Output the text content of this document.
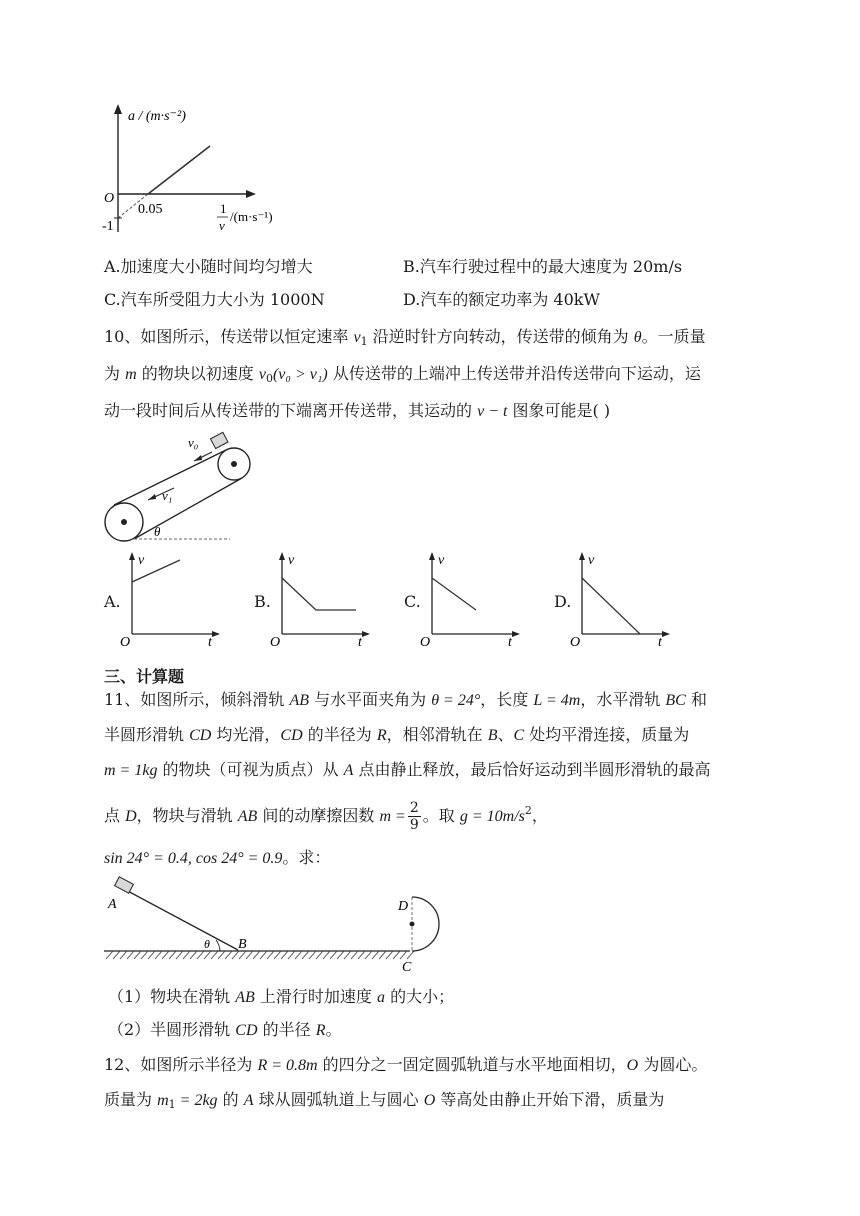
a / (m·s⁻²)
O
0.05
-1
1
v
/(m·s⁻¹)
A.加速度大小随时间均匀增大	B.汽车行驶过程中的最大速度为 20m/s
C.汽车所受阻力大小为 1000N	D.汽车的额定功率为 40kW
10、如图所示，传送带以恒定速率 $v_1$ 沿逆时针方向转动，传送带的倾角为 θ。一质量
为 m 的物块以初速度 $v_0(v_0 > v_1)$ 从传送带的上端冲上传送带并沿传送带向下运动，运
动一段时间后从传送带的下端离开传送带，其运动的 v − t 图象可能是( )
v₀
v₁
θ
A.
v
t
O
B.
v
t
O
C.
v
t
O
D.
v
t
O
三、计算题
11、如图所示，倾斜滑轨 AB 与水平面夹角为 θ = 24°，长度 L = 4m，水平滑轨 BC 和
半圆形滑轨 CD 均光滑，CD 的半径为 R，相邻滑轨在 B、C 处均平滑连接，质量为
m = 1kg 的物块（可视为质点）从 A 点由静止释放，最后恰好运动到半圆形滑轨的最高
点 D，物块与滑轨 AB 间的动摩擦因数 $m = \frac{2}{9}$ 。取 $g = 10m/s^2$，
sin 24° = 0.4, cos 24° = 0.9。求：
A
θ B
D
C
（1）物块在滑轨 AB 上滑行时加速度 a 的大小；
（2）半圆形滑轨 CD 的半径 R。
12、如图所示半径为 R = 0.8m 的四分之一固定圆弧轨道与水平地面相切，O 为圆心。
质量为 $m_1 = 2kg$ 的 A 球从圆弧轨道上与圆心 O 等高处由静止开始下滑，质量为
